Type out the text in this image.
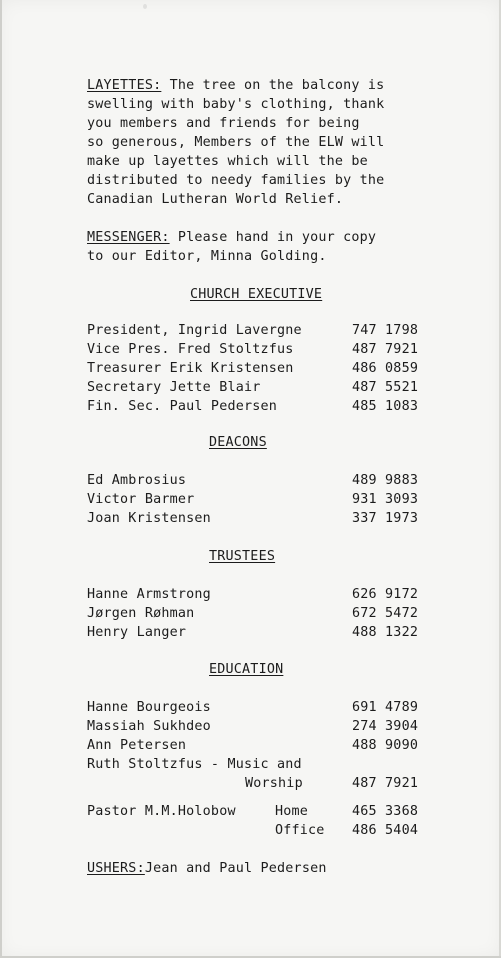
LAYETTES: The tree on the balcony is
swelling with baby's clothing, thank
you members and friends for being
so generous, Members of the ELW will
make up layettes which will the be
distributed to needy families by the
Canadian Lutheran World Relief.
MESSENGER: Please hand in your copy
to our Editor, Minna Golding.
CHURCH EXECUTIVE
President, Ingrid Lavergne	747 1798
Vice Pres. Fred Stoltzfus	487 7921
Treasurer Erik Kristensen	486 0859
Secretary Jette Blair	487 5521
Fin. Sec. Paul Pedersen	485 1083
DEACONS
Ed Ambrosius	489 9883
Victor Barmer	931 3093
Joan Kristensen	337 1973
TRUSTEES
Hanne Armstrong	626 9172
Jørgen Røhman	672 5472
Henry Langer	488 1322
EDUCATION
Hanne Bourgeois	691 4789
Massiah Sukhdeo	274 3904
Ann Petersen	488 9090
Ruth Stoltzfus - Music and
Worship	487 7921
Pastor M.M.Holobow	Home	465 3368
Office 486 5404
USHERS:Jean and Paul Pedersen
